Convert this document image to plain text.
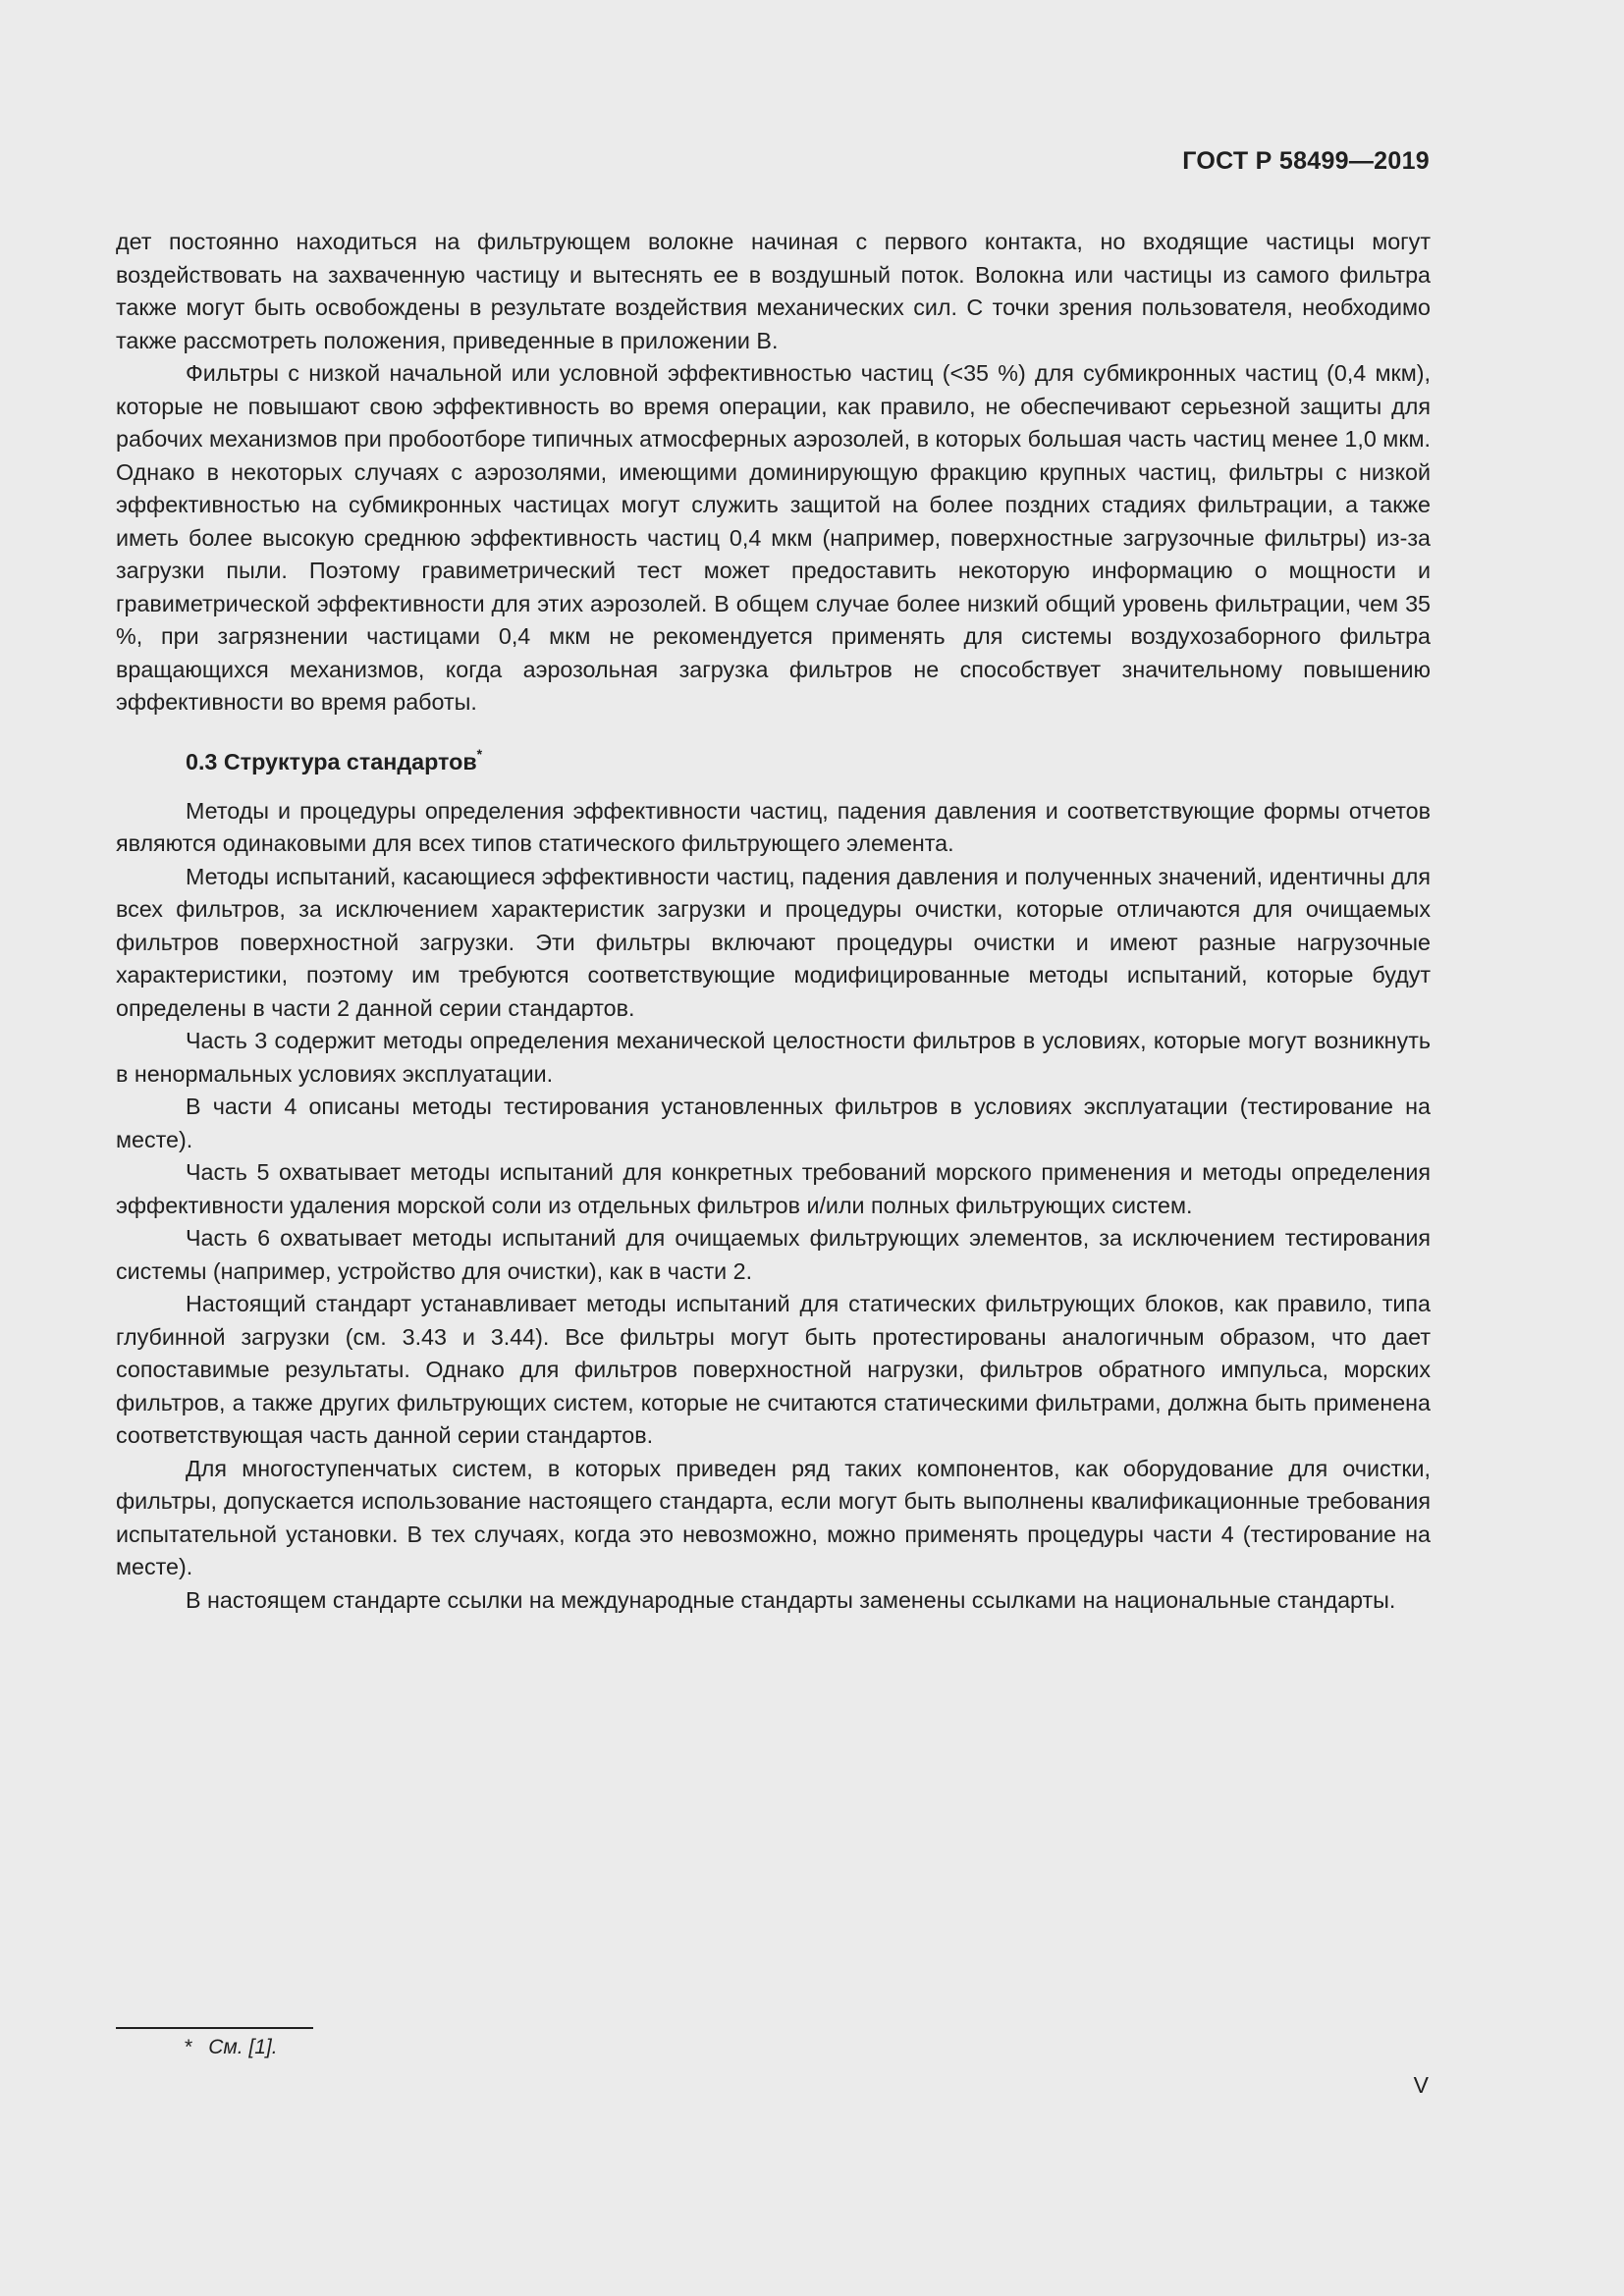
ГОСТ Р 58499—2019

дет постоянно находиться на фильтрующем волокне начиная с первого контакта, но входящие частицы могут воздействовать на захваченную частицу и вытеснять ее в воздушный поток. Волокна или частицы из самого фильтра также могут быть освобождены в результате воздействия механических сил. С точки зрения пользователя, необходимо также рассмотреть положения, приведенные в приложении В.

Фильтры с низкой начальной или условной эффективностью частиц (<35 %) для субмикронных частиц (0,4 мкм), которые не повышают свою эффективность во время операции, как правило, не обеспечивают серьезной защиты для рабочих механизмов при пробоотборе типичных атмосферных аэрозолей, в которых большая часть частиц менее 1,0 мкм. Однако в некоторых случаях с аэрозолями, имеющими доминирующую фракцию крупных частиц, фильтры с низкой эффективностью на субмикронных частицах могут служить защитой на более поздних стадиях фильтрации, а также иметь более высокую среднюю эффективность частиц 0,4 мкм (например, поверхностные загрузочные фильтры) из-за загрузки пыли. Поэтому гравиметрический тест может предоставить некоторую информацию о мощности и гравиметрической эффективности для этих аэрозолей. В общем случае более низкий общий уровень фильтрации, чем 35 %, при загрязнении частицами 0,4 мкм не рекомендуется применять для системы воздухозаборного фильтра вращающихся механизмов, когда аэрозольная загрузка фильтров не способствует значительному повышению эффективности во время работы.

0.3 Структура стандартов*

Методы и процедуры определения эффективности частиц, падения давления и соответствующие формы отчетов являются одинаковыми для всех типов статического фильтрующего элемента.

Методы испытаний, касающиеся эффективности частиц, падения давления и полученных значений, идентичны для всех фильтров, за исключением характеристик загрузки и процедуры очистки, которые отличаются для очищаемых фильтров поверхностной загрузки. Эти фильтры включают процедуры очистки и имеют разные нагрузочные характеристики, поэтому им требуются соответствующие модифицированные методы испытаний, которые будут определены в части 2 данной серии стандартов.

Часть 3 содержит методы определения механической целостности фильтров в условиях, которые могут возникнуть в ненормальных условиях эксплуатации.

В части 4 описаны методы тестирования установленных фильтров в условиях эксплуатации (тестирование на месте).

Часть 5 охватывает методы испытаний для конкретных требований морского применения и методы определения эффективности удаления морской соли из отдельных фильтров и/или полных фильтрующих систем.

Часть 6 охватывает методы испытаний для очищаемых фильтрующих элементов, за исключением тестирования системы (например, устройство для очистки), как в части 2.

Настоящий стандарт устанавливает методы испытаний для статических фильтрующих блоков, как правило, типа глубинной загрузки (см. 3.43 и 3.44). Все фильтры могут быть протестированы аналогичным образом, что дает сопоставимые результаты. Однако для фильтров поверхностной нагрузки, фильтров обратного импульса, морских фильтров, а также других фильтрующих систем, которые не считаются статическими фильтрами, должна быть применена соответствующая часть данной серии стандартов.

Для многоступенчатых систем, в которых приведен ряд таких компонентов, как оборудование для очистки, фильтры, допускается использование настоящего стандарта, если могут быть выполнены квалификационные требования испытательной установки. В тех случаях, когда это невозможно, можно применять процедуры части 4 (тестирование на месте).

В настоящем стандарте ссылки на международные стандарты заменены ссылками на национальные стандарты.

* См. [1].
V
